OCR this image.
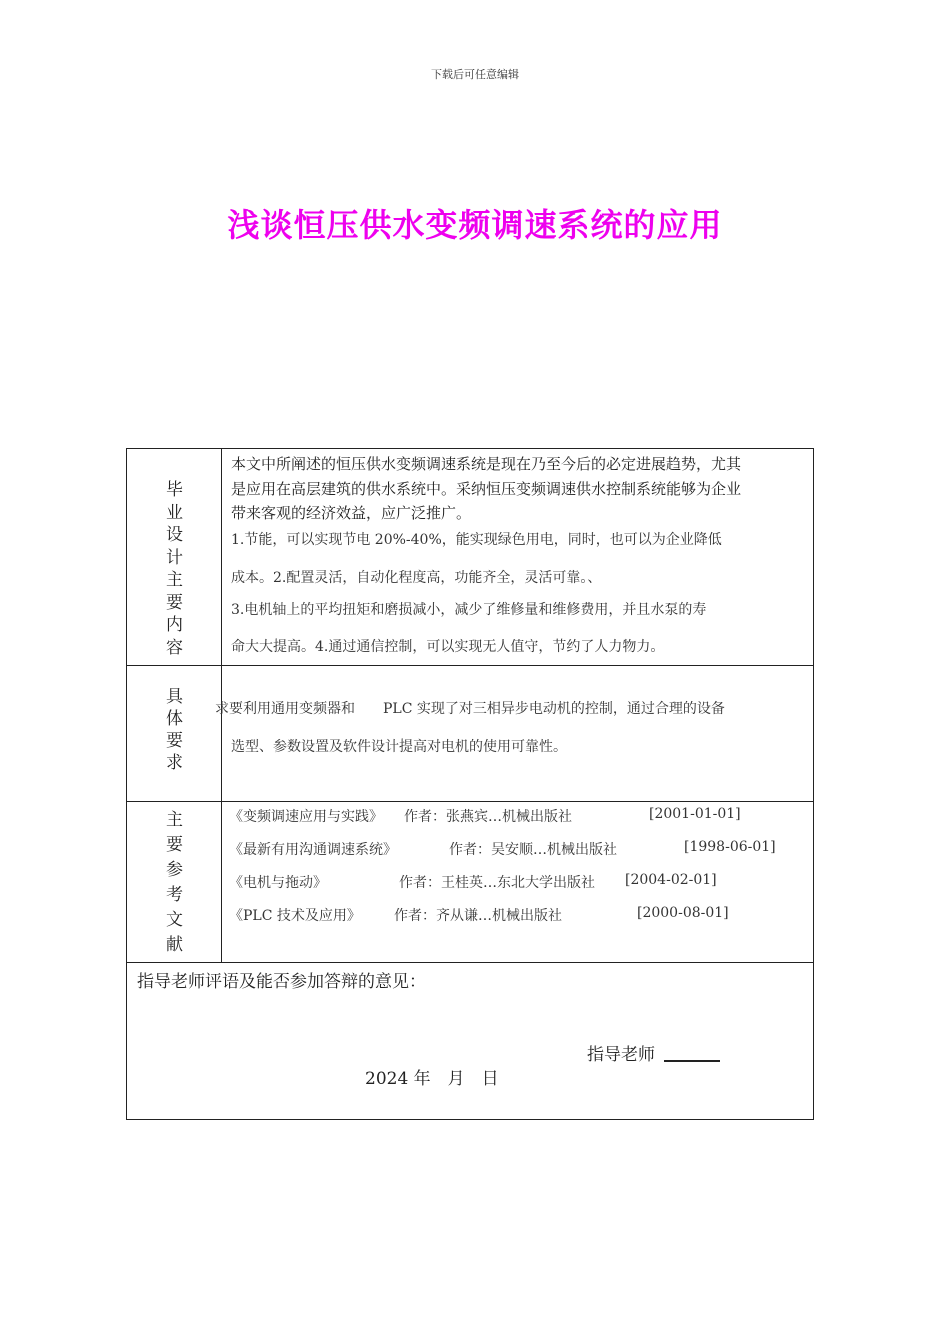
下载后可任意编辑
浅谈恒压供水变频调速系统的应用
毕
业
设
计
主
要
内
容
本文中所阐述的恒压供水变频调速系统是现在乃至今后的必定进展趋势，尤其
是应用在高层建筑的供水系统中。采纳恒压变频调速供水控制系统能够为企业
带来客观的经济效益，应广泛推广。
1.节能，可以实现节电 20%-40%，能实现绿色用电，同时，也可以为企业降低
成本。2.配置灵活，自动化程度高，功能齐全，灵活可靠。、
3.电机轴上的平均扭矩和磨损减小，减少了维修量和维修费用，并且水泵的寿
命大大提高。4.通过通信控制，可以实现无人值守，节约了人力物力。
具
体
要
求
求要利用通用变频器和　　PLC 实现了对三相异步电动机的控制，通过合理的设备
选型、参数设置及软件设计提高对电机的使用可靠性。
主
要
参
考
文
献
《变频调速应用与实践》 作者：张燕宾…机械出版社	[2001-01-01]
《最新有用沟通调速系统》	作者：吴安顺…机械出版社	[1998-06-01]
《电机与拖动》	作者：王桂英…东北大学出版社 [2004-02-01]
《PLC 技术及应用》 作者：齐从谦…机械出版社	[2000-08-01]
指导老师评语及能否参加答辩的意见：
指导老师
2024 年　月　日
